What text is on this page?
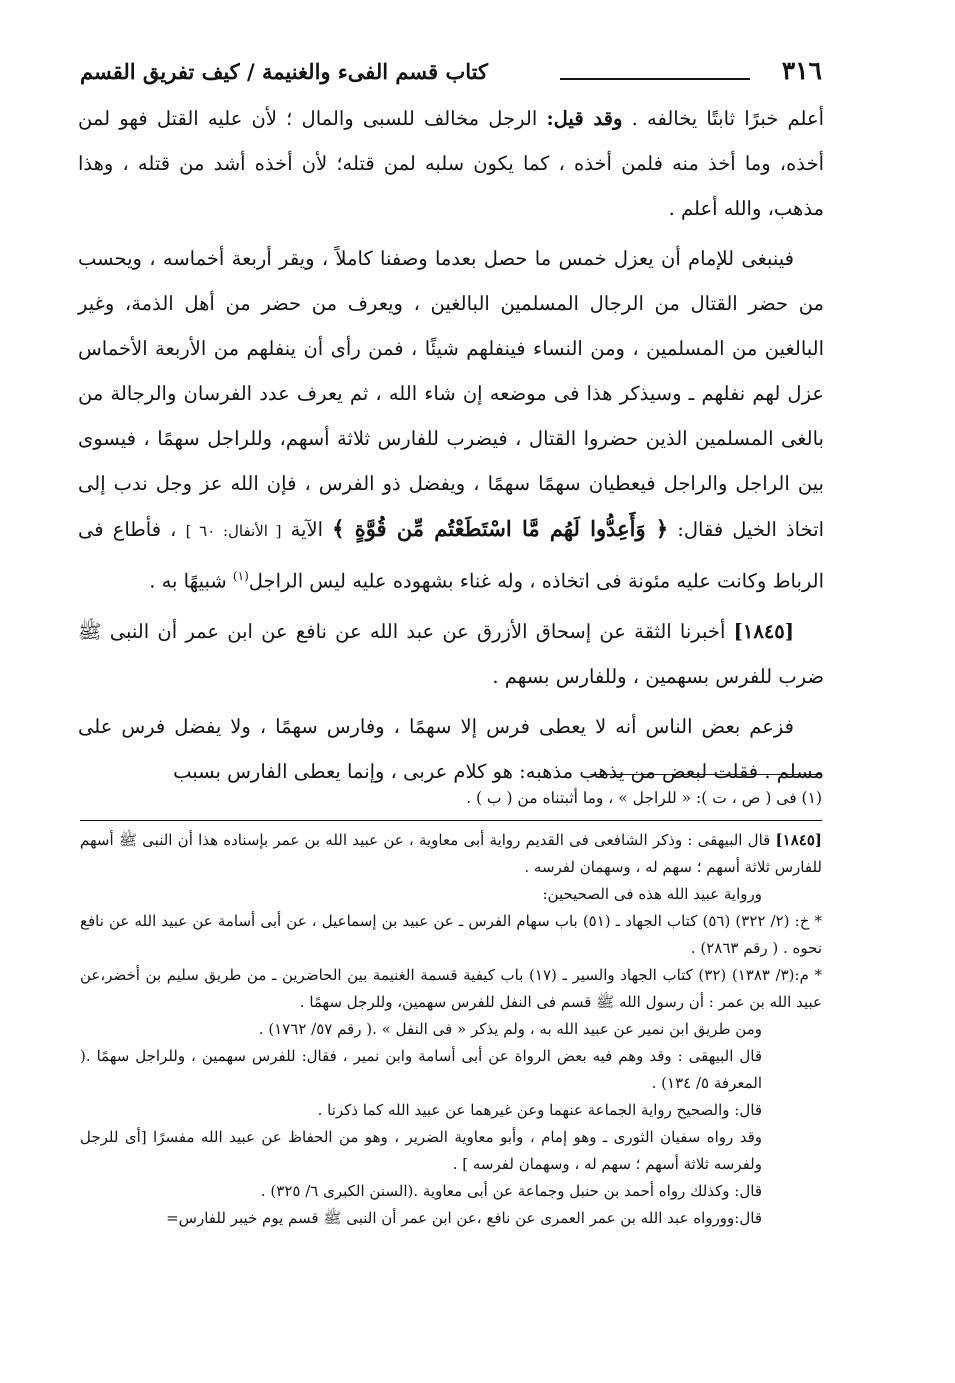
٣١٦
كتاب قسم الفىء والغنيمة / كيف تفريق القسم

أعلم خبرًا ثابتًا يخالفه . وقد قيل: الرجل مخالف للسبى والمال ؛ لأن عليه القتل فهو لمن أخذه، وما أخذ منه فلمن أخذه ، كما يكون سلبه لمن قتله؛ لأن أخذه أشد من قتله ، وهذا مذهب، والله أعلم .

فينبغى للإمام أن يعزل خمس ما حصل بعدما وصفنا كاملاً ، ويقر أربعة أخماسه ، ويحسب من حضر القتال من الرجال المسلمين البالغين ، ويعرف من حضر من أهل الذمة، وغير البالغين من المسلمين ، ومن النساء فينفلهم شيئًا ، فمن رأى أن ينفلهم من الأربعة الأخماس عزل لهم نفلهم ـ وسيذكر هذا فى موضعه إن شاء الله ، ثم يعرف عدد الفرسان والرجالة من بالغى المسلمين الذين حضروا القتال ، فيضرب للفارس ثلاثة أسهم، وللراجل سهمًا ، فيسوى بين الراجل والراجل فيعطيان سهمًا سهمًا ، ويفضل ذو الفرس ، فإن الله عز وجل ندب إلى اتخاذ الخيل فقال: ﴿ وَأَعِدُّوا لَهُم مَّا اسْتَطَعْتُم مِّن قُوَّةٍ ﴾ الآية [ الأنفال: ٦٠ ] ، فأطاع فى الرباط وكانت عليه مئونة فى اتخاذه ، وله غناء بشهوده عليه ليس الراجل$^{(١)}$ شبيهًا به .

[١٨٤٥] أخبرنا الثقة عن إسحاق الأزرق عن عبد الله عن نافع عن ابن عمر أن النبى ﷺ ضرب للفرس بسهمين ، وللفارس بسهم .

فزعم بعض الناس أنه لا يعطى فرس إلا سهمًا ، وفارس سهمًا ، ولا يفضل فرس على مسلم . فقلت لبعض من يذهب مذهبه: هو كلام عربى ، وإنما يعطى الفارس بسبب

(١) فى ( ص ، ت ): « للراجل » ، وما أثبتناه من ( ب ) .

[١٨٤٥] قال البيهقى : وذكر الشافعى فى القديم رواية أبى معاوية ، عن عبيد الله بن عمر بإسناده هذا أن النبى ﷺ أسهم للفارس ثلاثة أسهم ؛ سهم له ، وسهمان لفرسه .

ورواية عبيد الله هذه فى الصحيحين:

* خ: (٢/ ٣٢٢) (٥٦) كتاب الجهاد ـ (٥١) باب سهام الفرس ـ عن عبيد بن إسماعيل ، عن أبى أسامة عن عبيد الله عن نافع نحوه . ( رقم ٢٨٦٣) .

* م:(٣/ ١٣٨٣) (٣٢) كتاب الجهاد والسير ـ (١٧) باب كيفية قسمة الغنيمة بين الحاضرين ـ من طريق سليم بن أخضر،عن عبيد الله بن عمر : أن رسول الله ﷺ قسم فى النفل للفرس سهمين، وللرجل سهمًا .

ومن طريق ابن نمير عن عبيد الله به ، ولم يذكر « فى النفل » .( رقم ٥٧/ ١٧٦٢) .

قال البيهقى : وقد وهم فيه بعض الرواة عن أبى أسامة وابن نمير ، فقال: للفرس سهمين ، وللراجل سهمًا .( المعرفة ٥/ ١٣٤) .

قال: والصحيح رواية الجماعة عنهما وعن غيرهما عن عبيد الله كما ذكرنا .

وقد رواه سفيان الثورى ـ وهو إمام ، وأبو معاوية الضرير ، وهو من الحفاظ عن عبيد الله مفسرًا [أى للرجل ولفرسه ثلاثة أسهم ؛ سهم له ، وسهمان لفرسه ] .

قال: وكذلك رواه أحمد بن حنبل وجماعة عن أبى معاوية .(السنن الكبرى ٦/ ٣٢٥) .

قال:وورواه عبد الله بن عمر العمرى عن نافع ،عن ابن عمر أن النبى ﷺ قسم يوم خيبر للفارس=
